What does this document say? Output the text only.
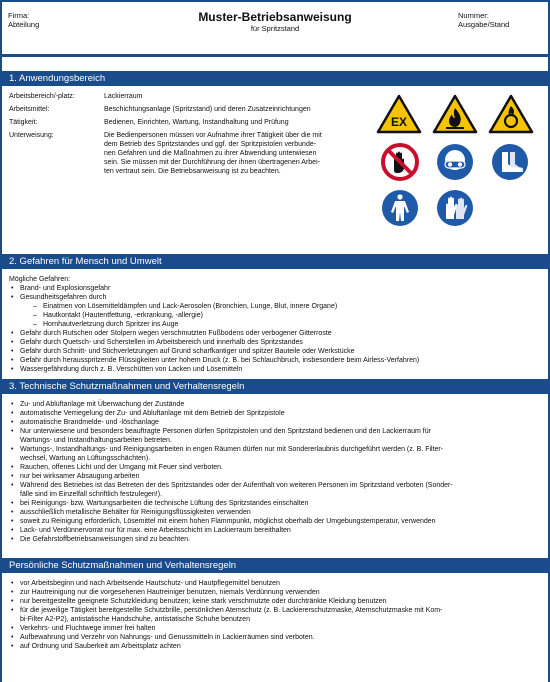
Firma:
Abteilung
Muster-Betriebsanweisung
für Spritzstand
Nummer:
Ausgabe/Stand
1. Anwendungsbereich
Arbeitsbereich/-platz:	Lackierraum
Arbeitsmittel:	Beschichtungsanlage (Spritzstand) und deren Zusatzeinrichtungen
Tätigkeit:	Bedienen, Einrichten, Wartung, Instandhaltung und Prüfung
Unterweisung:	Die Bedienpersonen müssen vor Aufnahme ihrer Tätigkeit über die mit
dem Betrieb des Spritzstandes und ggf. der Spritzpistolen verbunde-
nen Gefahren und die Maßnahmen zu ihrer Abwendung unterwiesen
sein. Sie müssen mit der Durchführung der ihnen übertragenen Arbei-
ten vertraut sein. Die Betriebsanweisung ist zu beachten.
EX
2. Gefahren für Mensch und Umwelt
Mögliche Gefahren:
• Brand- und Explosionsgefahr
• Gesundheitsgefahren durch
– Einatmen von Lösemitteldämpfen und Lack-Aerosolen (Bronchien, Lunge, Blut, innere Organe)
– Hautkontakt (Hautentfettung, -erkrankung, -allergie)
– Hornhautverletzung durch Spritzer ins Auge
• Gefahr durch Rutschen oder Stolpern wegen verschmutzten Fußbodens oder verbogener Gitterroste
• Gefahr durch Quetsch- und Scherstellen im Arbeitsbereich und innerhalb des Spritzstandes
• Gefahr durch Schnitt- und Stichverletzungen auf Grund scharfkantiger und spitzer Bauteile oder Werkstücke
• Gefahr durch herausspritzende Flüssigkeiten unter hohem Druck (z. B. bei Schlauchbruch, insbesondere beim Airless-Verfahren)
• Wassergefährdung durch z. B. Verschütten von Lacken und Lösemitteln
3. Technische Schutzmaßnahmen und Verhaltensregeln
• Zu- und Abluftanlage mit Überwachung der Zustände
• automatische Verriegelung der Zu- und Abluftanlage mit dem Betrieb der Spritzpistole
• automatische Brandmelde- und -löschanlage
• Nur unterwiesene und besonders beauftragte Personen dürfen Spritzpistolen und den Spritzstand bedienen und den Lackierraum für
Wartungs- und Instandhaltungsarbeiten betreten.
• Wartungs-, Instandhaltungs- und Reinigungsarbeiten in engen Räumen dürfen nur mit Sondererlaubnis durchgeführt werden (z. B. Filter-
wechsel, Wartung an Lüftungsschächten).
• Rauchen, offenes Licht und der Umgang mit Feuer sind verboten.
• nur bei wirksamer Absaugung arbeiten
• Während des Betriebes ist das Betreten der des Spritzstandes oder der Aufenthalt von weiteren Personen im Spritzstand verboten (Sonder-
fälle sind im Einzelfall schriftlich festzulegen!).
• bei Reinigungs- bzw. Wartungsarbeiten die technische Lüftung des Spritzstandes einschalten
• ausschließlich metallische Behälter für Reinigungsflüssigkeiten verwenden
• soweit zu Reinigung erforderlich, Lösemittel mit einem hohen Flammpunkt, möglichst oberhalb der Umgebungstemperatur, verwenden
• Lack- und Verdünnervorrat nur für max. eine Arbeitsschicht im Lackierraum bereithalten
• Die Gefahrstoffbetriebsanweisungen sind zu beachten.
Persönliche Schutzmaßnahmen und Verhaltensregeln
• vor Arbeitsbeginn und nach Arbeitsende Hautschutz- und Hautpflegemittel benutzen
• zur Hautreinigung nur die vorgesehenen Hautreiniger benutzen, niemals Verdünnung verwenden
• nur bereitgestellte geeignete Schutzkleidung benutzen; keine stark verschmutzte oder durchtränkte Kleidung benutzen
• für die jeweilige Tätigkeit bereitgestellte Schutzbrille, persönlichen Atemschutz (z. B. Lackiererschutzmaske, Atemschutzmaske mit Kom-
bi-Filter A2-P2), antistatische Handschuhe, antistatische Schuhe benutzen
• Verkehrs- und Fluchtwege immer frei halten
• Aufbewahrung und Verzehr von Nahrungs- und Genussmitteln in Lackierräumen sind verboten.
• auf Ordnung und Sauberkeit am Arbeitsplatz achten
